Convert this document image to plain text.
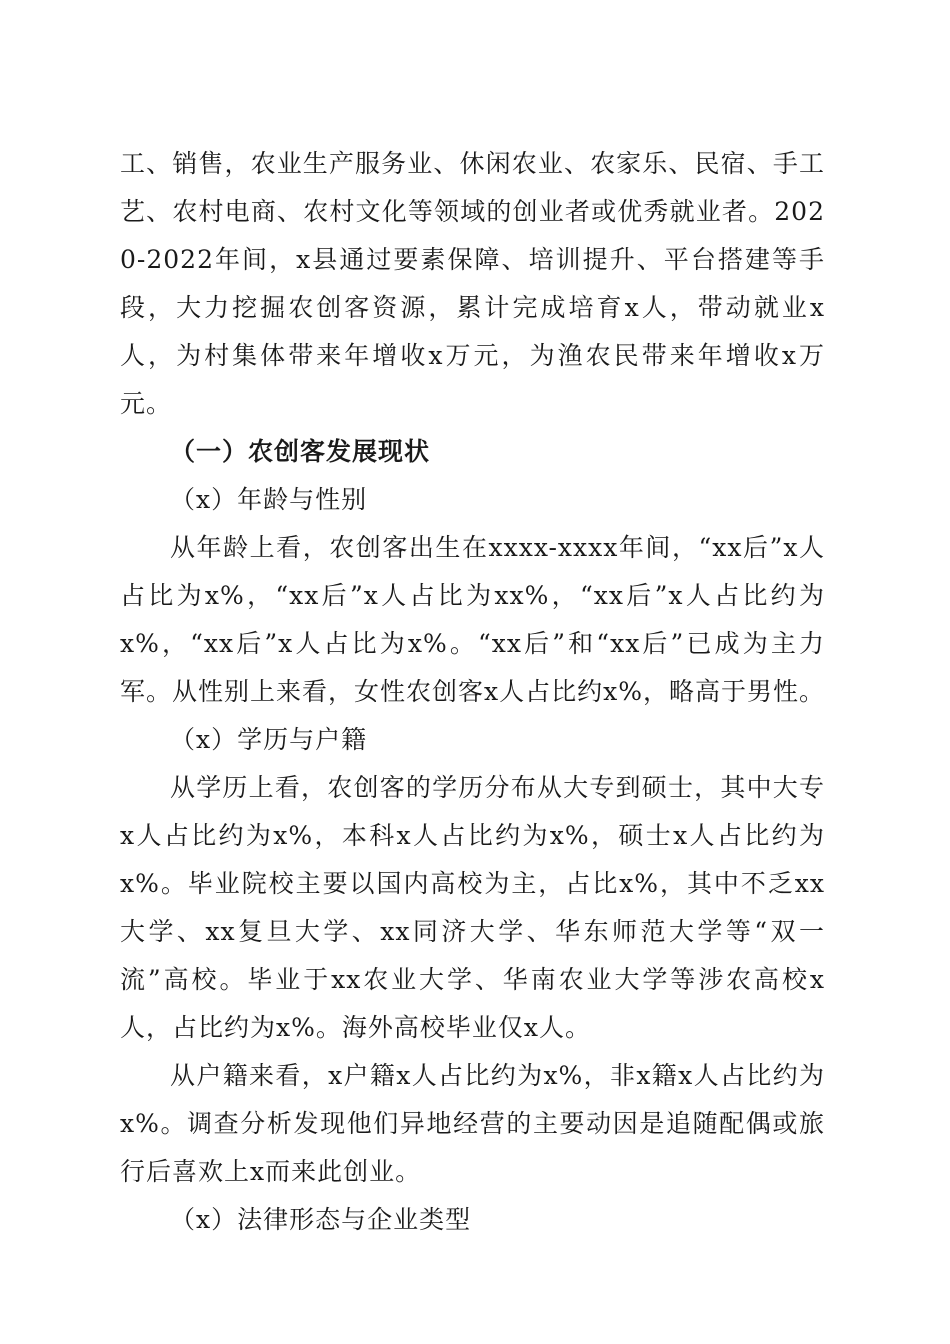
工、销售，农业生产服务业、休闲农业、农家乐、民宿、手工艺、农村电商、农村文化等领域的创业者或优秀就业者。2020-2022年间，x县通过要素保障、培训提升、平台搭建等手段，大力挖掘农创客资源，累计完成培育x人，带动就业x人，为村集体带来年增收x万元，为渔农民带来年增收x万元。

（一）农创客发展现状

（x）年龄与性别

从年龄上看，农创客出生在xxxx-xxxx年间，“xx后”x人占比为x%，“xx后”x人占比为xx%，“xx后”x人占比约为x%，“xx后”x人占比为x%。“xx后”和“xx后”已成为主力军。从性别上来看，女性农创客x人占比约x%，略高于男性。

（x）学历与户籍

从学历上看，农创客的学历分布从大专到硕士，其中大专x人占比约为x%，本科x人占比约为x%，硕士x人占比约为x%。毕业院校主要以国内高校为主，占比x%，其中不乏xx大学、xx复旦大学、xx同济大学、华东师范大学等“双一流”高校。毕业于xx农业大学、华南农业大学等涉农高校x人，占比约为x%。海外高校毕业仅x人。

从户籍来看，x户籍x人占比约为x%，非x籍x人占比约为x%。调查分析发现他们异地经营的主要动因是追随配偶或旅行后喜欢上x而来此创业。

（x）法律形态与企业类型
